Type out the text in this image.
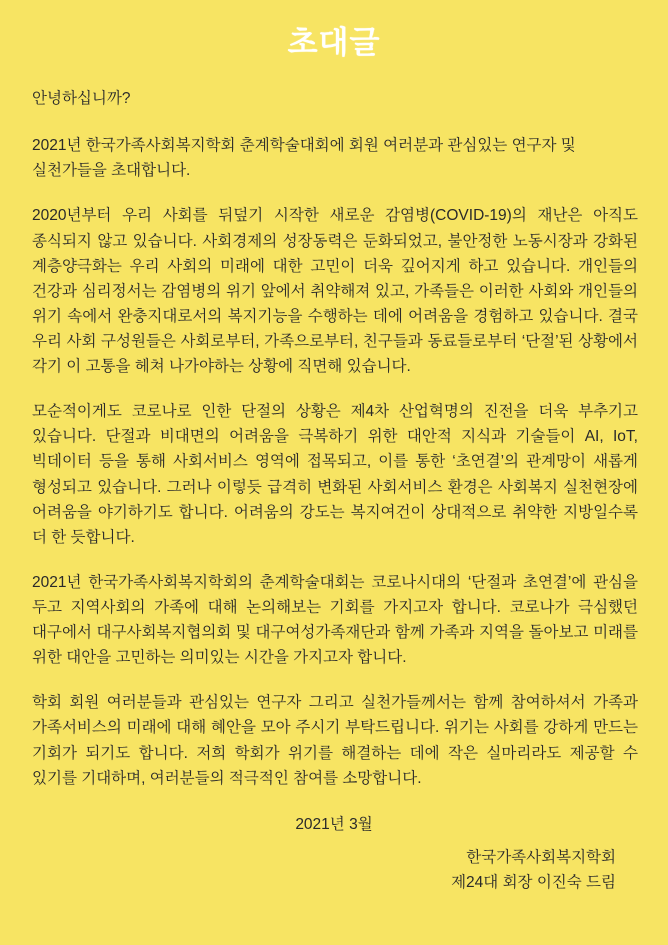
초대글
안녕하십니까?
2021년 한국가족사회복지학회 춘계학술대회에 회원 여러분과 관심있는 연구자 및 실천가들을 초대합니다.
2020년부터 우리 사회를 뒤덮기 시작한 새로운 감염병(COVID-19)의 재난은 아직도 종식되지 않고 있습니다. 사회경제의 성장동력은 둔화되었고, 불안정한 노동시장과 강화된 계층양극화는 우리 사회의 미래에 대한 고민이 더욱 깊어지게 하고 있습니다. 개인들의 건강과 심리정서는 감염병의 위기 앞에서 취약해져 있고, 가족들은 이러한 사회와 개인들의 위기 속에서 완충지대로서의 복지기능을 수행하는 데에 어려움을 경험하고 있습니다. 결국 우리 사회 구성원들은 사회로부터, 가족으로부터, 친구들과 동료들로부터 ‘단절’된 상황에서 각기 이 고통을 헤쳐 나가야하는 상황에 직면해 있습니다.
모순적이게도 코로나로 인한 단절의 상황은 제4차 산업혁명의 진전을 더욱 부추기고 있습니다. 단절과 비대면의 어려움을 극복하기 위한 대안적 지식과 기술들이 AI, IoT, 빅데이터 등을 통해 사회서비스 영역에 접목되고, 이를 통한 ‘초연결’의 관계망이 새롭게 형성되고 있습니다. 그러나 이렇듯 급격히 변화된 사회서비스 환경은 사회복지 실천현장에 어려움을 야기하기도 합니다. 어려움의 강도는 복지여건이 상대적으로 취약한 지방일수록 더 한 듯합니다.
2021년 한국가족사회복지학회의 춘계학술대회는 코로나시대의 ‘단절과 초연결’에 관심을 두고 지역사회의 가족에 대해 논의해보는 기회를 가지고자 합니다. 코로나가 극심했던 대구에서 대구사회복지협의회 및 대구여성가족재단과 함께 가족과 지역을 돌아보고 미래를 위한 대안을 고민하는 의미있는 시간을 가지고자 합니다.
학회 회원 여러분들과 관심있는 연구자 그리고 실천가들께서는 함께 참여하셔서 가족과 가족서비스의 미래에 대해 혜안을 모아 주시기 부탁드립니다. 위기는 사회를 강하게 만드는 기회가 되기도 합니다. 저희 학회가 위기를 해결하는 데에 작은 실마리라도 제공할 수 있기를 기대하며, 여러분들의 적극적인 참여를 소망합니다.
2021년 3월
한국가족사회복지학회
제24대 회장 이진숙 드림
